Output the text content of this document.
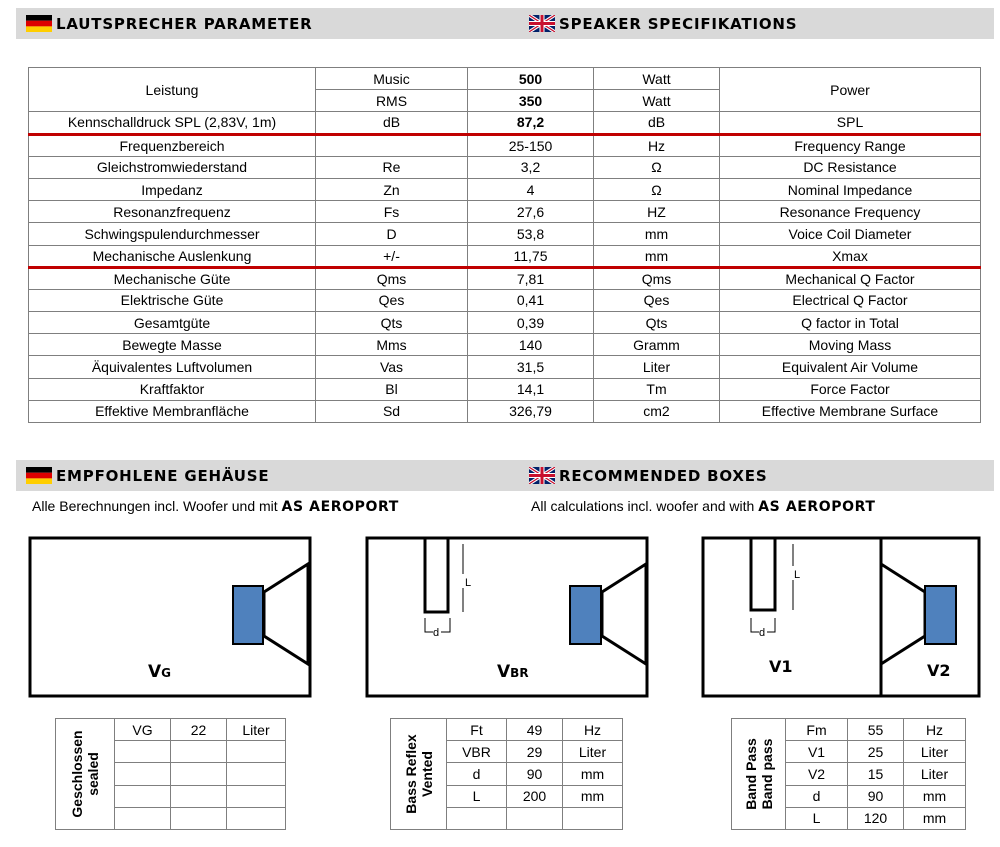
LAUTSPRECHER PARAMETER	SPEAKER SPECIFIKATIONS
Leistung	Music	500	Watt	Power
	RMS	350	Watt	
Kennschalldruck SPL (2,83V, 1m)	dB	87,2	dB	SPL
Frequenzbereich		25-150	Hz	Frequency Range
Gleichstromwiederstand	Re	3,2	Ω	DC Resistance
Impedanz	Zn	4	Ω	Nominal Impedance
Resonanzfrequenz	Fs	27,6	HZ	Resonance Frequency
Schwingspulendurchmesser	D	53,8	mm	Voice Coil Diameter
Mechanische Auslenkung	+/-	11,75	mm	Xmax
Mechanische Güte	Qms	7,81	Qms	Mechanical Q Factor
Elektrische Güte	Qes	0,41	Qes	Electrical Q Factor
Gesamtgüte	Qts	0,39	Qts	Q factor in Total
Bewegte Masse	Mms	140	Gramm	Moving Mass
Äquivalentes Luftvolumen	Vas	31,5	Liter	Equivalent Air Volume
Kraftfaktor	Bl	14,1	Tm	Force Factor
Effektive Membranfläche	Sd	326,79	cm2	Effective Membrane Surface
EMPFOHLENE GEHÄUSE	RECOMMENDED BOXES
Alle Berechnungen incl. Woofer und mit AS AEROPORT	All calculations incl. woofer and with AS AEROPORT
VG
L
d
VBR
L
d
V1	V2
Geschlossen sealed	VG	22	Liter

Bass Reflex Vented	Ft	49	Hz
	VBR	29	Liter
	d	90	mm
	L	200	mm
			Band Pass Band pass	Fm	55	Hz
	V1	25	Liter
	V2	15	Liter
	d	90	mm
	L	120	mm
